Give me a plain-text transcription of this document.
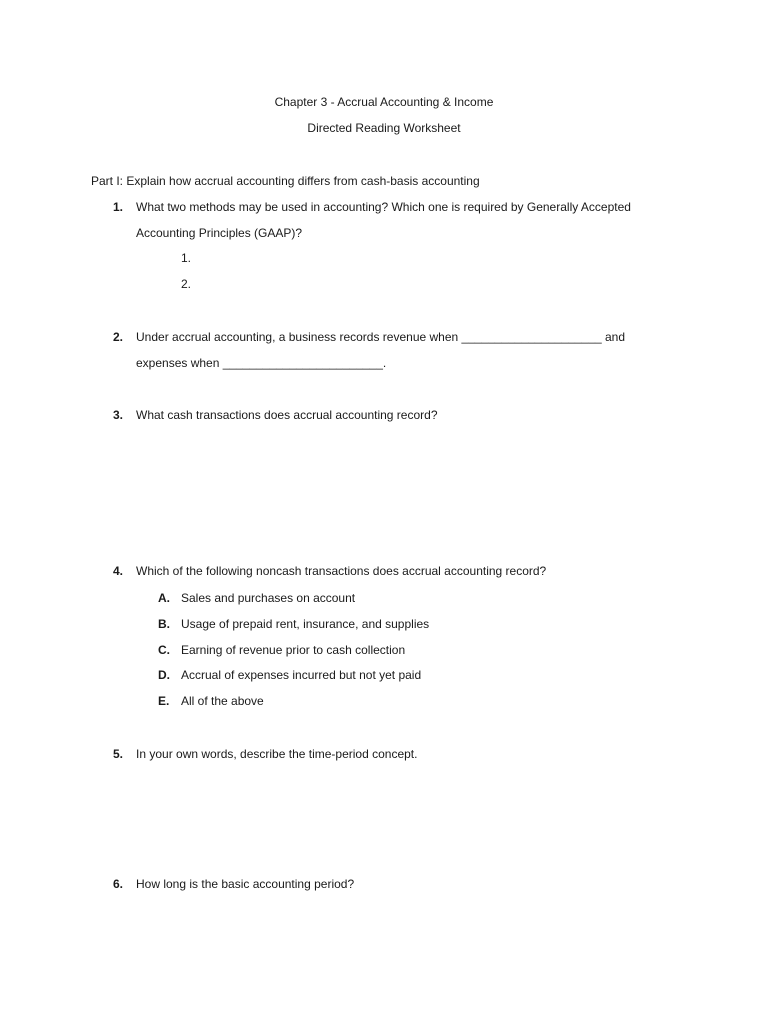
Chapter 3 - Accrual Accounting & Income
Directed Reading Worksheet
Part I: Explain how accrual accounting differs from cash-basis accounting
1. What two methods may be used in accounting? Which one is required by Generally Accepted
Accounting Principles (GAAP)?
1.
2.
2. Under accrual accounting, a business records revenue when _____________________ and
expenses when ________________________.
3. What cash transactions does accrual accounting record?
4. Which of the following noncash transactions does accrual accounting record?
A. Sales and purchases on account
B. Usage of prepaid rent, insurance, and supplies
C. Earning of revenue prior to cash collection
D. Accrual of expenses incurred but not yet paid
E. All of the above
5. In your own words, describe the time-period concept.
6. How long is the basic accounting period?
